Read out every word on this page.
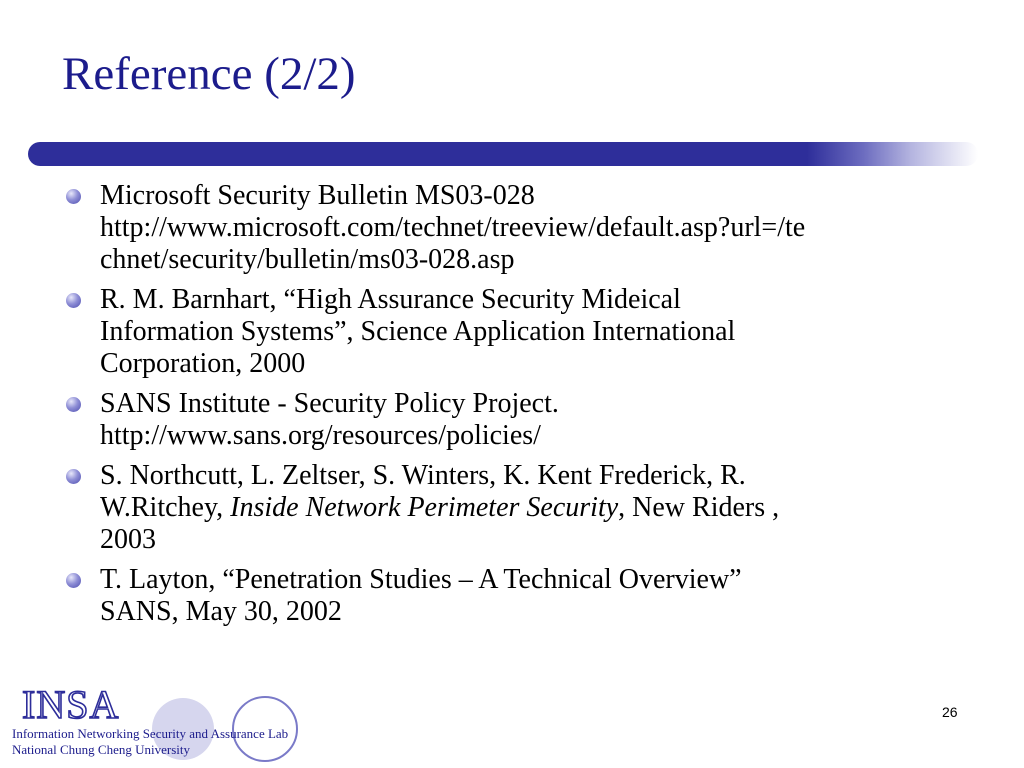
Reference (2/2)
Microsoft Security Bulletin MS03-028
http://www.microsoft.com/technet/treeview/default.asp?url=/te
chnet/security/bulletin/ms03-028.asp
R. M. Barnhart, “High Assurance Security Mideical
Information Systems”, Science Application International
Corporation, 2000
SANS Institute - Security Policy Project.
http://www.sans.org/resources/policies/
S. Northcutt, L. Zeltser, S. Winters, K. Kent Frederick, R.
W.Ritchey, Inside Network Perimeter Security, New Riders ,
2003
T. Layton, “Penetration Studies – A Technical Overview”
SANS, May 30, 2002
INSA
Information Networking Security and Assurance Lab
National Chung Cheng University
26
